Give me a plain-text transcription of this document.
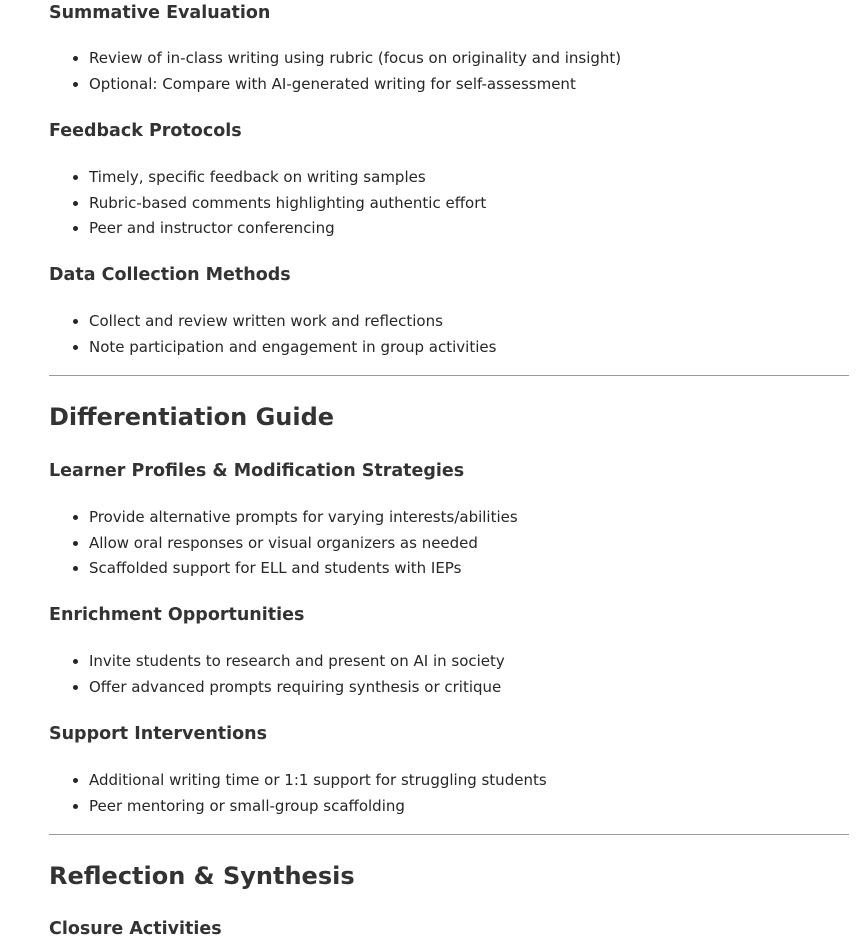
Summative Evaluation
• Review of in-class writing using rubric (focus on originality and insight)
• Optional: Compare with AI-generated writing for self-assessment
Feedback Protocols
• Timely, specific feedback on writing samples
• Rubric-based comments highlighting authentic effort
• Peer and instructor conferencing
Data Collection Methods
• Collect and review written work and reflections
• Note participation and engagement in group activities
Differentiation Guide
Learner Profiles & Modification Strategies
• Provide alternative prompts for varying interests/abilities
• Allow oral responses or visual organizers as needed
• Scaffolded support for ELL and students with IEPs
Enrichment Opportunities
• Invite students to research and present on AI in society
• Offer advanced prompts requiring synthesis or critique
Support Interventions
• Additional writing time or 1:1 support for struggling students
• Peer mentoring or small-group scaffolding
Reflection & Synthesis
Closure Activities
